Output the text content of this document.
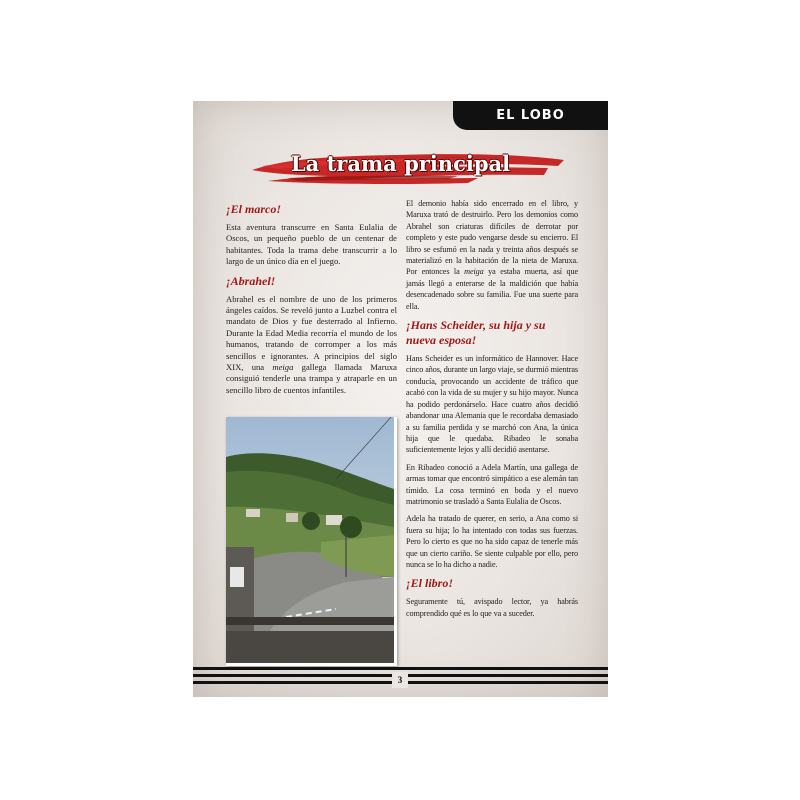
EL LOBO
La trama principal
¡El marco!

Esta aventura transcurre en Santa Eulalia de Oscos, un pequeño pueblo de un centenar de habitantes. Toda la trama debe transcurrir a lo largo de un único día en el juego.

¡Abrahel!

Abrahel es el nombre de uno de los primeros ángeles caídos. Se reveló junto a Luzbel contra el mandato de Dios y fue desterrado al Infierno. Durante la Edad Media recorría el mundo de los humanos, tratando de corromper a los más sencillos e ignorantes. A principios del siglo XIX, una meiga gallega llamada Maruxa consiguió tenderle una trampa y atraparle en un sencillo libro de cuentos infantiles.

El demonio había sido encerrado en el libro, y Maruxa trató de destruirlo. Pero los demonios como Abrahel son criaturas difíciles de derrotar por completo y este pudo vengarse desde su encierro. El libro se esfumó en la nada y treinta años después se materializó en la habitación de la nieta de Maruxa. Por entonces la meiga ya estaba muerta, así que jamás llegó a enterarse de la maldición que había desencadenado sobre su familia. Fue una suerte para ella.

¡Hans Scheider, su hija y su nueva esposa!

Hans Scheider es un informático de Hannover. Hace cinco años, durante un largo viaje, se durmió mientras conducía, provocando un accidente de tráfico que acabó con la vida de su mujer y su hijo mayor. Nunca ha podido perdonárselo. Hace cuatro años decidió abandonar una Alemania que le recordaba demasiado a su familia perdida y se marchó con Ana, la única hija que le quedaba. Ribadeo le sonaba suficientemente lejos y allí decidió asentarse.

En Ribadeo conoció a Adela Martín, una gallega de armas tomar que encontró simpático a ese alemán tan tímido. La cosa terminó en boda y el nuevo matrimonio se trasladó a Santa Eulalia de Oscos.

Adela ha tratado de querer, en serio, a Ana como si fuera su hija; lo ha intentado con todas sus fuerzas. Pero lo cierto es que no ha sido capaz de tenerle más que un cierto cariño. Se siente culpable por ello, pero nunca se lo ha dicho a nadie.

¡El libro!

Seguramente tú, avispado lector, ya habrás comprendido qué es lo que va a suceder.

3
